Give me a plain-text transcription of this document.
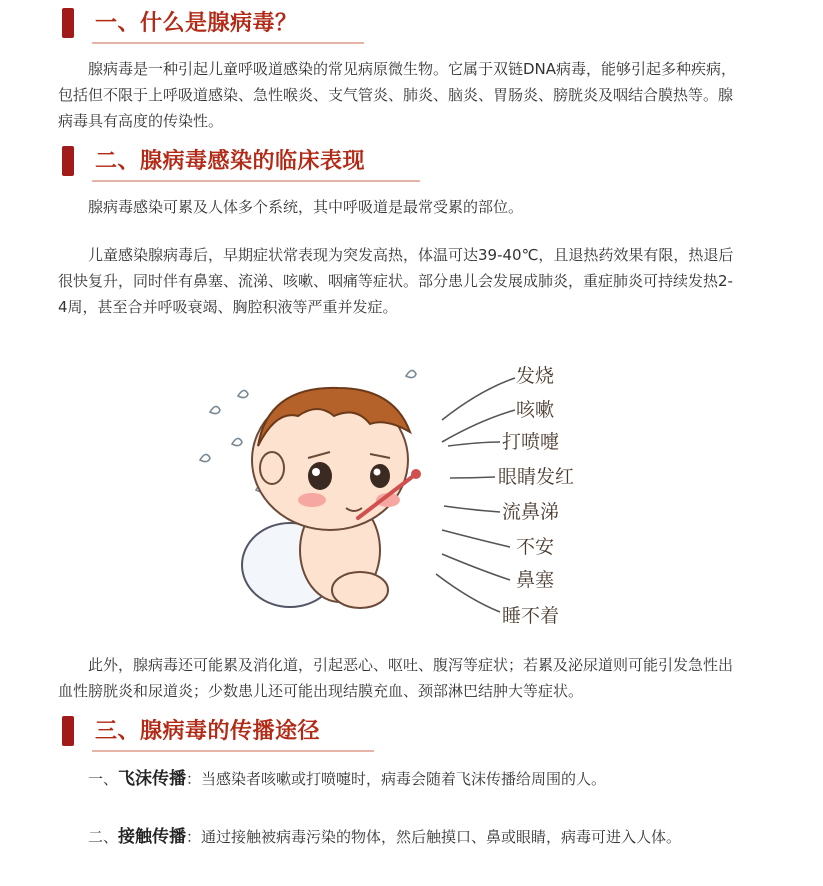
一、什么是腺病毒？

腺病毒是一种引起儿童呼吸道感染的常见病原微生物。它属于双链DNA病毒，能够引起多种疾病，包括但不限于上呼吸道感染、急性喉炎、支气管炎、肺炎、脑炎、胃肠炎、膀胱炎及咽结合膜热等。腺病毒具有高度的传染性。

二、腺病毒感染的临床表现

腺病毒感染可累及人体多个系统，其中呼吸道是最常受累的部位。

儿童感染腺病毒后，早期症状常表现为突发高热，体温可达39-40℃，且退热药效果有限，热退后很快复升，同时伴有鼻塞、流涕、咳嗽、咽痛等症状。部分患儿会发展成肺炎，重症肺炎可持续发热2-4周，甚至合并呼吸衰竭、胸腔积液等严重并发症。

发烧
咳嗽
打喷嚏
眼睛发红
流鼻涕
不安
鼻塞
睡不着

此外，腺病毒还可能累及消化道，引起恶心、呕吐、腹泻等症状；若累及泌尿道则可能引发急性出血性膀胱炎和尿道炎；少数患儿还可能出现结膜充血、颈部淋巴结肿大等症状。

三、腺病毒的传播途径

一、飞沫传播：当感染者咳嗽或打喷嚏时，病毒会随着飞沫传播给周围的人。

二、接触传播：通过接触被病毒污染的物体，然后触摸口、鼻或眼睛，病毒可进入人体。
